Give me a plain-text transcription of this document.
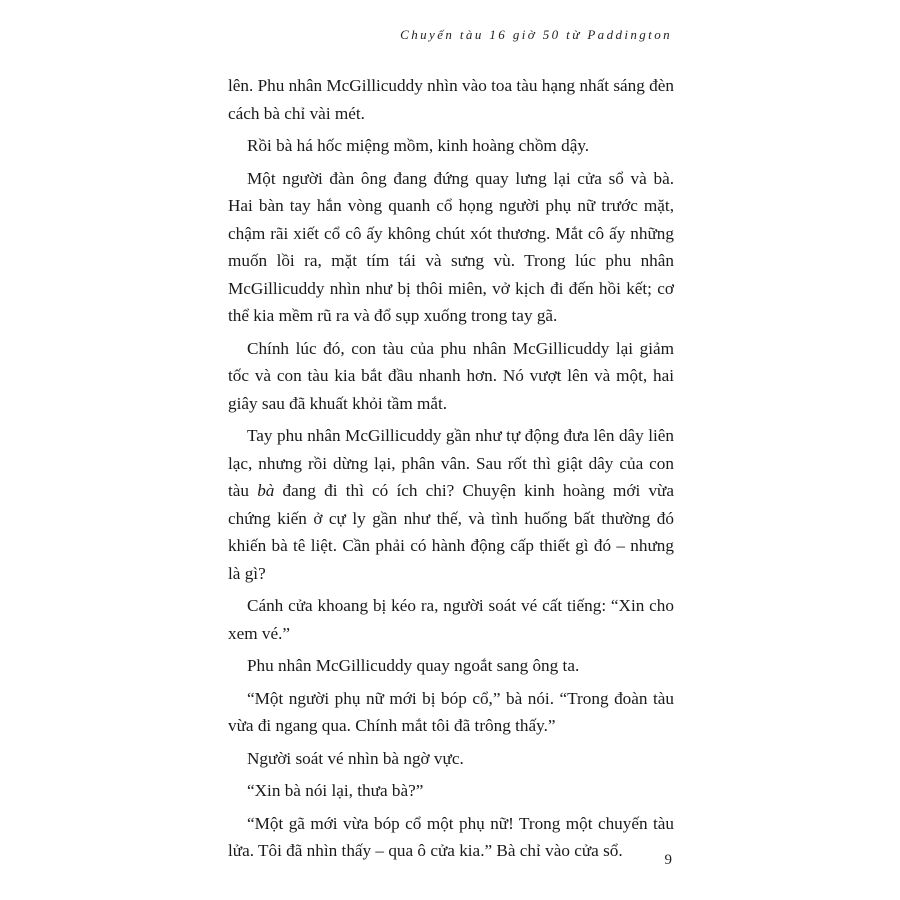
Chuyến tàu 16 giờ 50 từ Paddington

lên. Phu nhân McGillicuddy nhìn vào toa tàu hạng nhất sáng đèn cách bà chỉ vài mét.

Rồi bà há hốc miệng mồm, kinh hoàng chồm dậy.

Một người đàn ông đang đứng quay lưng lại cửa sổ và bà. Hai bàn tay hắn vòng quanh cổ họng người phụ nữ trước mặt, chậm rãi xiết cổ cô ấy không chút xót thương. Mắt cô ấy những muốn lồi ra, mặt tím tái và sưng vù. Trong lúc phu nhân McGillicuddy nhìn như bị thôi miên, vở kịch đi đến hồi kết; cơ thể kia mềm rũ ra và đổ sụp xuống trong tay gã.

Chính lúc đó, con tàu của phu nhân McGillicuddy lại giảm tốc và con tàu kia bắt đầu nhanh hơn. Nó vượt lên và một, hai giây sau đã khuất khỏi tầm mắt.

Tay phu nhân McGillicuddy gần như tự động đưa lên dây liên lạc, nhưng rồi dừng lại, phân vân. Sau rốt thì giật dây của con tàu bà đang đi thì có ích chi? Chuyện kinh hoàng mới vừa chứng kiến ở cự ly gần như thế, và tình huống bất thường đó khiến bà tê liệt. Cần phải có hành động cấp thiết gì đó – nhưng là gì?

Cánh cửa khoang bị kéo ra, người soát vé cất tiếng: “Xin cho xem vé.”

Phu nhân McGillicuddy quay ngoắt sang ông ta.

“Một người phụ nữ mới bị bóp cổ,” bà nói. “Trong đoàn tàu vừa đi ngang qua. Chính mắt tôi đã trông thấy.”

Người soát vé nhìn bà ngờ vực.

“Xin bà nói lại, thưa bà?”

“Một gã mới vừa bóp cổ một phụ nữ! Trong một chuyến tàu lửa. Tôi đã nhìn thấy – qua ô cửa kia.” Bà chỉ vào cửa sổ.	9
